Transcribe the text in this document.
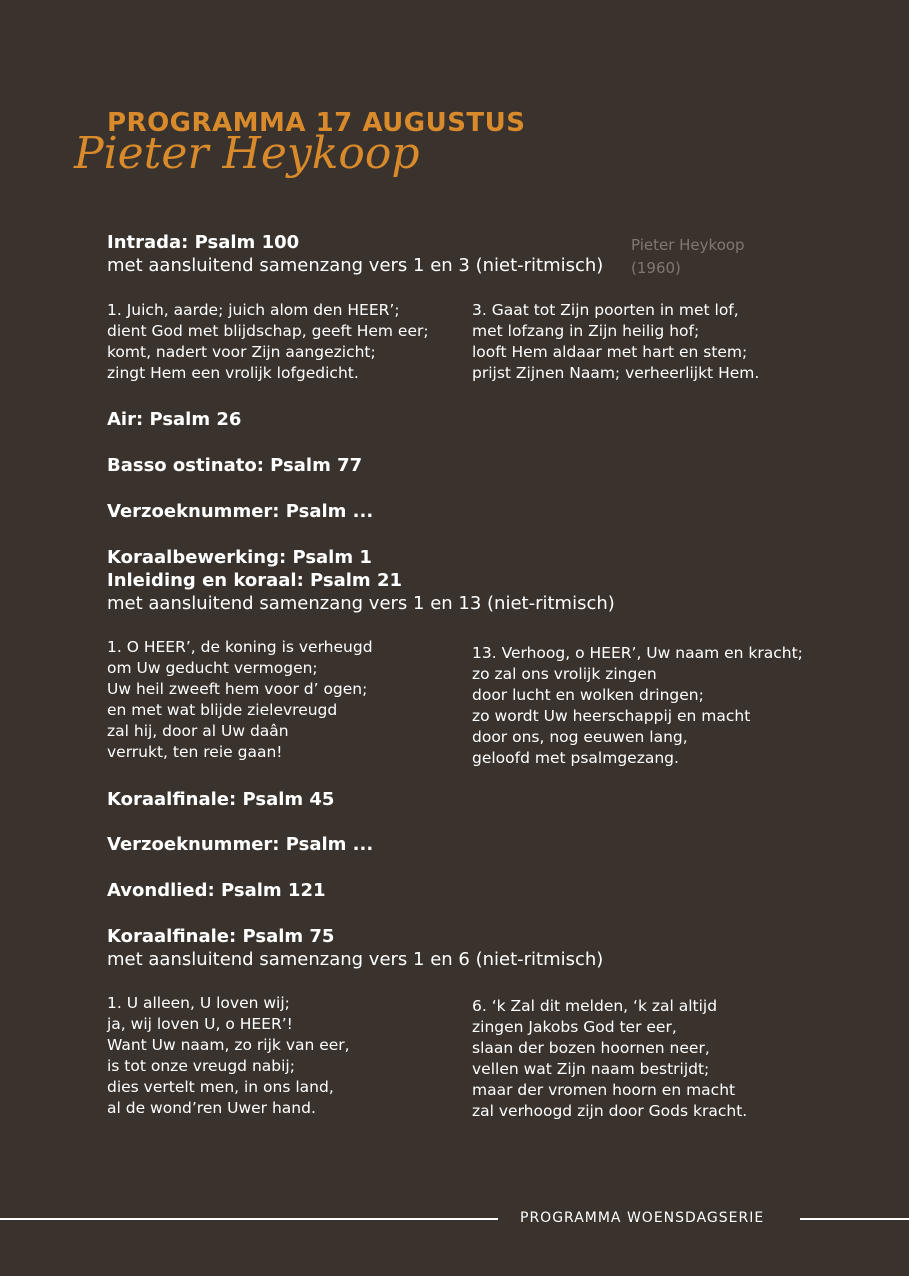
PROGRAMMA 17 AUGUSTUS
Pieter Heykoop
Pieter Heykoop
(1960)
Intrada: Psalm 100
met aansluitend samenzang vers 1 en 3 (niet-ritmisch)
1. Juich, aarde; juich alom den HEER’;
dient God met blijdschap, geeft Hem eer;
komt, nadert voor Zijn aangezicht;
zingt Hem een vrolijk lofgedicht.
3. Gaat tot Zijn poorten in met lof,
met lofzang in Zijn heilig hof;
looft Hem aldaar met hart en stem;
prijst Zijnen Naam; verheerlijkt Hem.
Air: Psalm 26
Basso ostinato: Psalm 77
Verzoeknummer: Psalm ...
Koraalbewerking: Psalm 1
Inleiding en koraal: Psalm 21
met aansluitend samenzang vers 1 en 13 (niet-ritmisch)
1. O HEER’, de koning is verheugd
om Uw geducht vermogen;
Uw heil zweeft hem voor d’ ogen;
en met wat blijde zielevreugd
zal hij, door al Uw daân
verrukt, ten reie gaan!
13. Verhoog, o HEER’, Uw naam en kracht;
zo zal ons vrolijk zingen
door lucht en wolken dringen;
zo wordt Uw heerschappij en macht
door ons, nog eeuwen lang,
geloofd met psalmgezang.
Koraalfinale: Psalm 45
Verzoeknummer: Psalm ...
Avondlied: Psalm 121
Koraalfinale: Psalm 75
met aansluitend samenzang vers 1 en 6 (niet-ritmisch)
1. U alleen, U loven wij;
ja, wij loven U, o HEER’!
Want Uw naam, zo rijk van eer,
is tot onze vreugd nabij;
dies vertelt men, in ons land,
al de wond’ren Uwer hand.
6. ‘k Zal dit melden, ‘k zal altijd
zingen Jakobs God ter eer,
slaan der bozen hoornen neer,
vellen wat Zijn naam bestrijdt;
maar der vromen hoorn en macht
zal verhoogd zijn door Gods kracht.
PROGRAMMA WOENSDAGSERIE
